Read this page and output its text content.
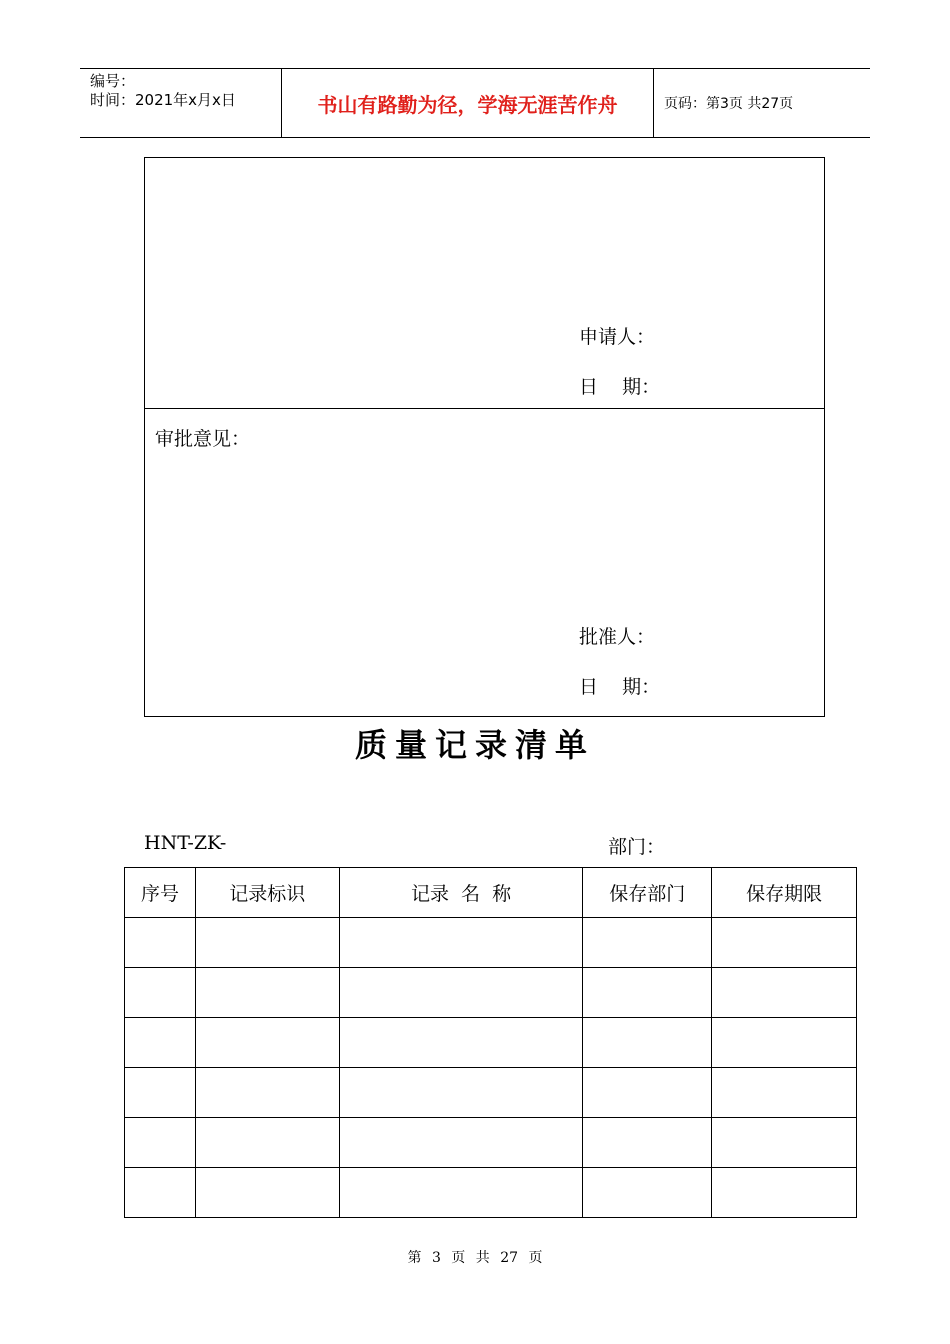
编号：
时间：2021年x月x日	书山有路勤为径，学海无涯苦作舟	页码：第3页 共27页
申请人：
日    期：
审批意见：
批准人：
日    期：
质量记录清单
HNT-ZK-	部门：
序号	记录标识	记录  名  称	保存部门	保存期限

第 3 页 共 27 页
